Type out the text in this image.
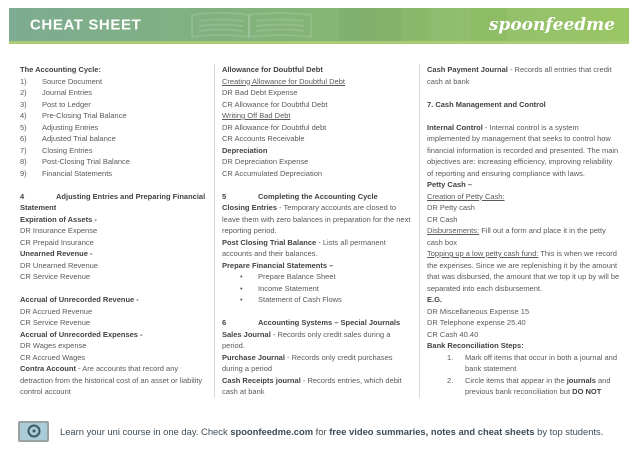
CHEAT SHEET	spoonfeedme
The Accounting Cycle:
1) Source Document
2) Journal Entries
3) Post to Ledger
4) Pre-Closing Trial Balance
5) Adjusting Entries
6) Adjusted Trial balance
7) Closing Entries
8) Post-Closing Trial Balance
9) Financial Statements
4	Adjusting Entries and Preparing Financial Statement
Expiration of Assets -
DR Insurance Expense
CR Prepaid Insurance
Unearned Revenue -
DR Unearned Revenue
CR Service Revenue
Accrual of Unrecorded Revenue -
DR Accrued Revenue
CR Service Revenue
Accrual of Unrecorded Expenses -
DR Wages expense
CR Accrued Wages
Contra Account - Are accounts that record any detraction from the historical cost of an asset or liability control account
Allowance for Doubtful Debt
Creating Allowance for Doubtful Debt
DR Bad Debt Expense
CR Allowance for Doubtful Debt
Writing Off Bad Debt
DR Allowance for Doubtful debt
CR Accounts Receivable
Depreciation
DR Depreciation Expense
CR Accumulated Depreciation
5	Completing the Accounting Cycle
Closing Entries - Temporary accounts are closed to leave them with zero balances in preparation for the next reporting period.
Post Closing Trial Balance - Lists all permanent accounts and their balances.
Prepare Financial Statements –
• Prepare Balance Sheet
• Income Statement
• Statement of Cash Flows
6	Accounting Systems – Special Journals
Sales Journal - Records only credit sales during a period.
Purchase Journal - Records only credit purchases during a period
Cash Receipts journal - Records entries, which debit cash at bank
Cash Payment Journal - Records all entries that credit cash at bank
7. Cash Management and Control
Internal Control - Internal control is a system implemented by management that seeks to control how financial information is recorded and presented. The main objectives are: increasing efficiency, improving reliability of reporting and ensuring compliance with laws.
Petty Cash –
Creation of Petty Cash:
DR Petty cash
CR Cash
Disbursements: Fill out a form and place it in the petty cash box
Topping up a low petty cash fund: This is when we record the expenses. Since we are replenishing it by the amount that was disbursed, the amount that we top it up by will be separated into each disbursement.
E.G.
DR Miscellaneous Expense 15
DR Telephone expense 25.40
CR Cash 40.40
Bank Reconciliation Steps:
1. Mark off items that occur in both a journal and bank statement
2. Circle items that appear in the journals and previous bank reconciliation but DO NOT
Learn your uni course in one day. Check spoonfeedme.com for free video summaries, notes and cheat sheets by top students.
